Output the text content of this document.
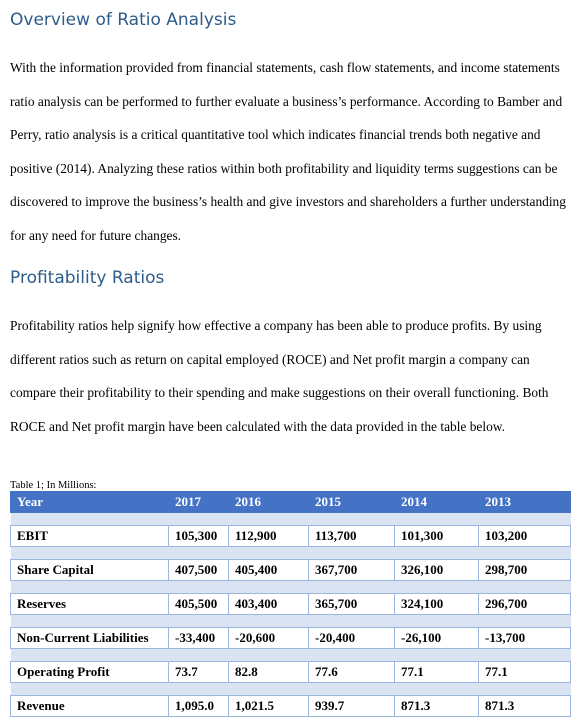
Overview of Ratio Analysis

With the information provided from financial statements, cash flow statements, and income statements ratio analysis can be performed to further evaluate a business’s performance. According to Bamber and Perry, ratio analysis is a critical quantitative tool which indicates financial trends both negative and positive (2014). Analyzing these ratios within both profitability and liquidity terms suggestions can be discovered to improve the business’s health and give investors and shareholders a further understanding for any need for future changes.

Profitability Ratios

Profitability ratios help signify how effective a company has been able to produce profits. By using different ratios such as return on capital employed (ROCE) and Net profit margin a company can compare their profitability to their spending and make suggestions on their overall functioning. Both ROCE and Net profit margin have been calculated with the data provided in the table below.

Table 1; In Millions:

Year	2017	2016	2015	2014	2013

EBIT	105,300	112,900	113,700	101,300	103,200

Share Capital	407,500	405,400	367,700	326,100	298,700

Reserves	405,500	403,400	365,700	324,100	296,700

Non-Current Liabilities	-33,400	-20,600	-20,400	-26,100	-13,700

Operating Profit	73.7	82.8	77.6	77.1	77.1

Revenue	1,095.0	1,021.5	939.7	871.3	871.3
